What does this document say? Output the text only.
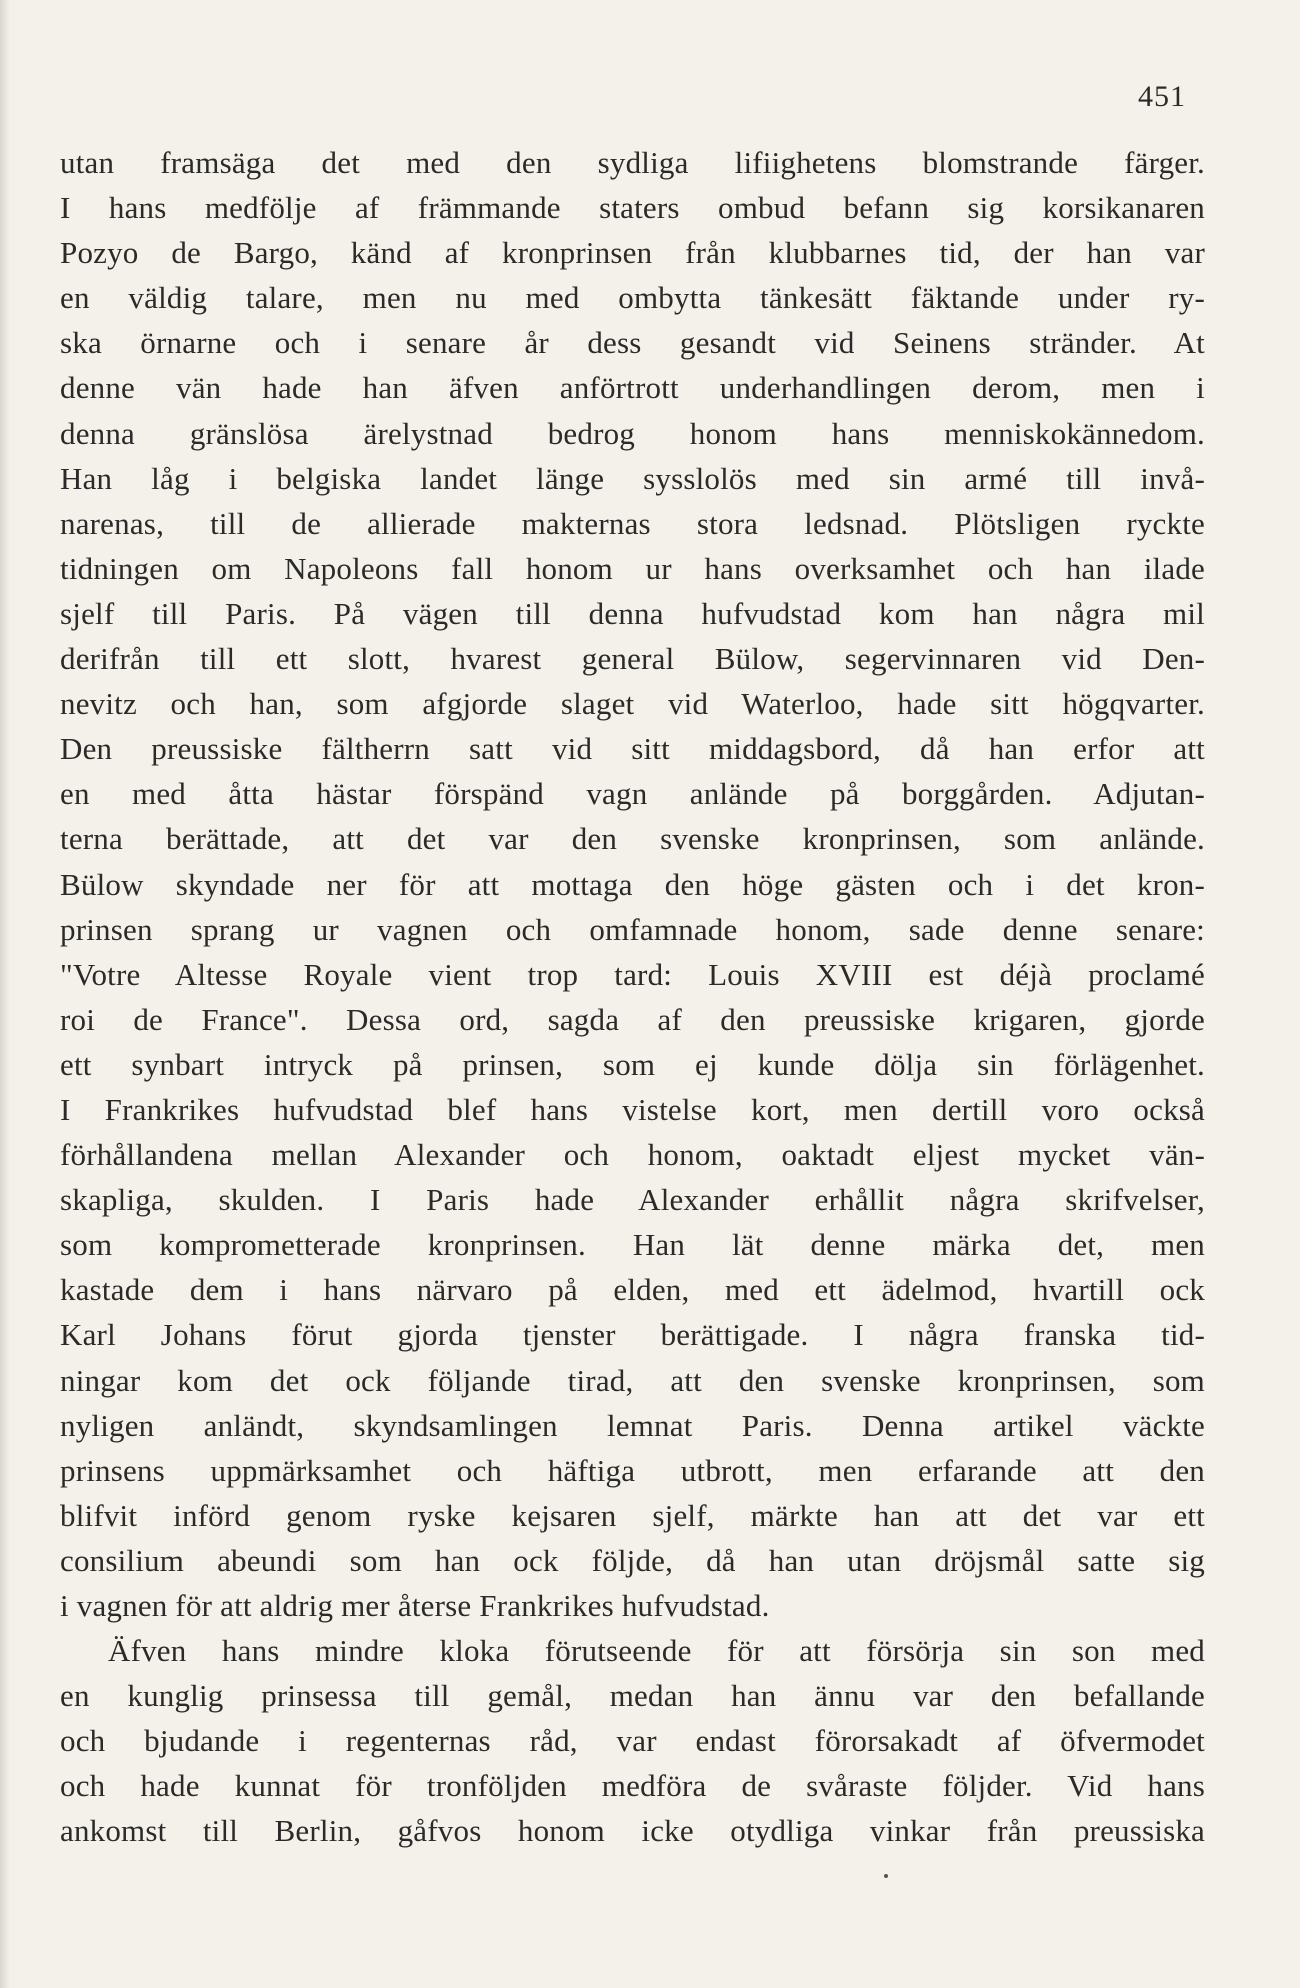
451
utan framsäga det med den sydliga lifiighetens blomstrande färger.
I hans medfölje af främmande staters ombud befann sig korsikanaren
Pozyo de Bargo, känd af kronprinsen från klubbarnes tid, der han var
en väldig talare, men nu med ombytta tänkesätt fäktande under ry-
ska örnarne och i senare år dess gesandt vid Seinens stränder. At
denne vän hade han äfven anförtrott underhandlingen derom, men i
denna gränslösa ärelystnad bedrog honom hans menniskokännedom.
Han låg i belgiska landet länge sysslolös med sin armé till invå-
narenas, till de allierade makternas stora ledsnad. Plötsligen ryckte
tidningen om Napoleons fall honom ur hans overksamhet och han ilade
sjelf till Paris. På vägen till denna hufvudstad kom han några mil
derifrån till ett slott, hvarest general Bülow, segervinnaren vid Den-
nevitz och han, som afgjorde slaget vid Waterloo, hade sitt högqvarter.
Den preussiske fältherrn satt vid sitt middagsbord, då han erfor att
en med åtta hästar förspänd vagn anlände på borggården. Adjutan-
terna berättade, att det var den svenske kronprinsen, som anlände.
Bülow skyndade ner för att mottaga den höge gästen och i det kron-
prinsen sprang ur vagnen och omfamnade honom, sade denne senare:
"Votre Altesse Royale vient trop tard: Louis XVIII est déjà proclamé
roi de France". Dessa ord, sagda af den preussiske krigaren, gjorde
ett synbart intryck på prinsen, som ej kunde dölja sin förlägenhet.
I Frankrikes hufvudstad blef hans vistelse kort, men dertill voro också
förhållandena mellan Alexander och honom, oaktadt eljest mycket vän-
skapliga, skulden. I Paris hade Alexander erhållit några skrifvelser,
som komprometterade kronprinsen. Han lät denne märka det, men
kastade dem i hans närvaro på elden, med ett ädelmod, hvartill ock
Karl Johans förut gjorda tjenster berättigade. I några franska tid-
ningar kom det ock följande tirad, att den svenske kronprinsen, som
nyligen anländt, skyndsamlingen lemnat Paris. Denna artikel väckte
prinsens uppmärksamhet och häftiga utbrott, men erfarande att den
blifvit införd genom ryske kejsaren sjelf, märkte han att det var ett
consilium abeundi som han ock följde, då han utan dröjsmål satte sig
i vagnen för att aldrig mer återse Frankrikes hufvudstad.
Äfven hans mindre kloka förutseende för att försörja sin son med
en kunglig prinsessa till gemål, medan han ännu var den befallande
och bjudande i regenternas råd, var endast förorsakadt af öfvermodet
och hade kunnat för tronföljden medföra de svåraste följder. Vid hans
ankomst till Berlin, gåfvos honom icke otydliga vinkar från preussiska
